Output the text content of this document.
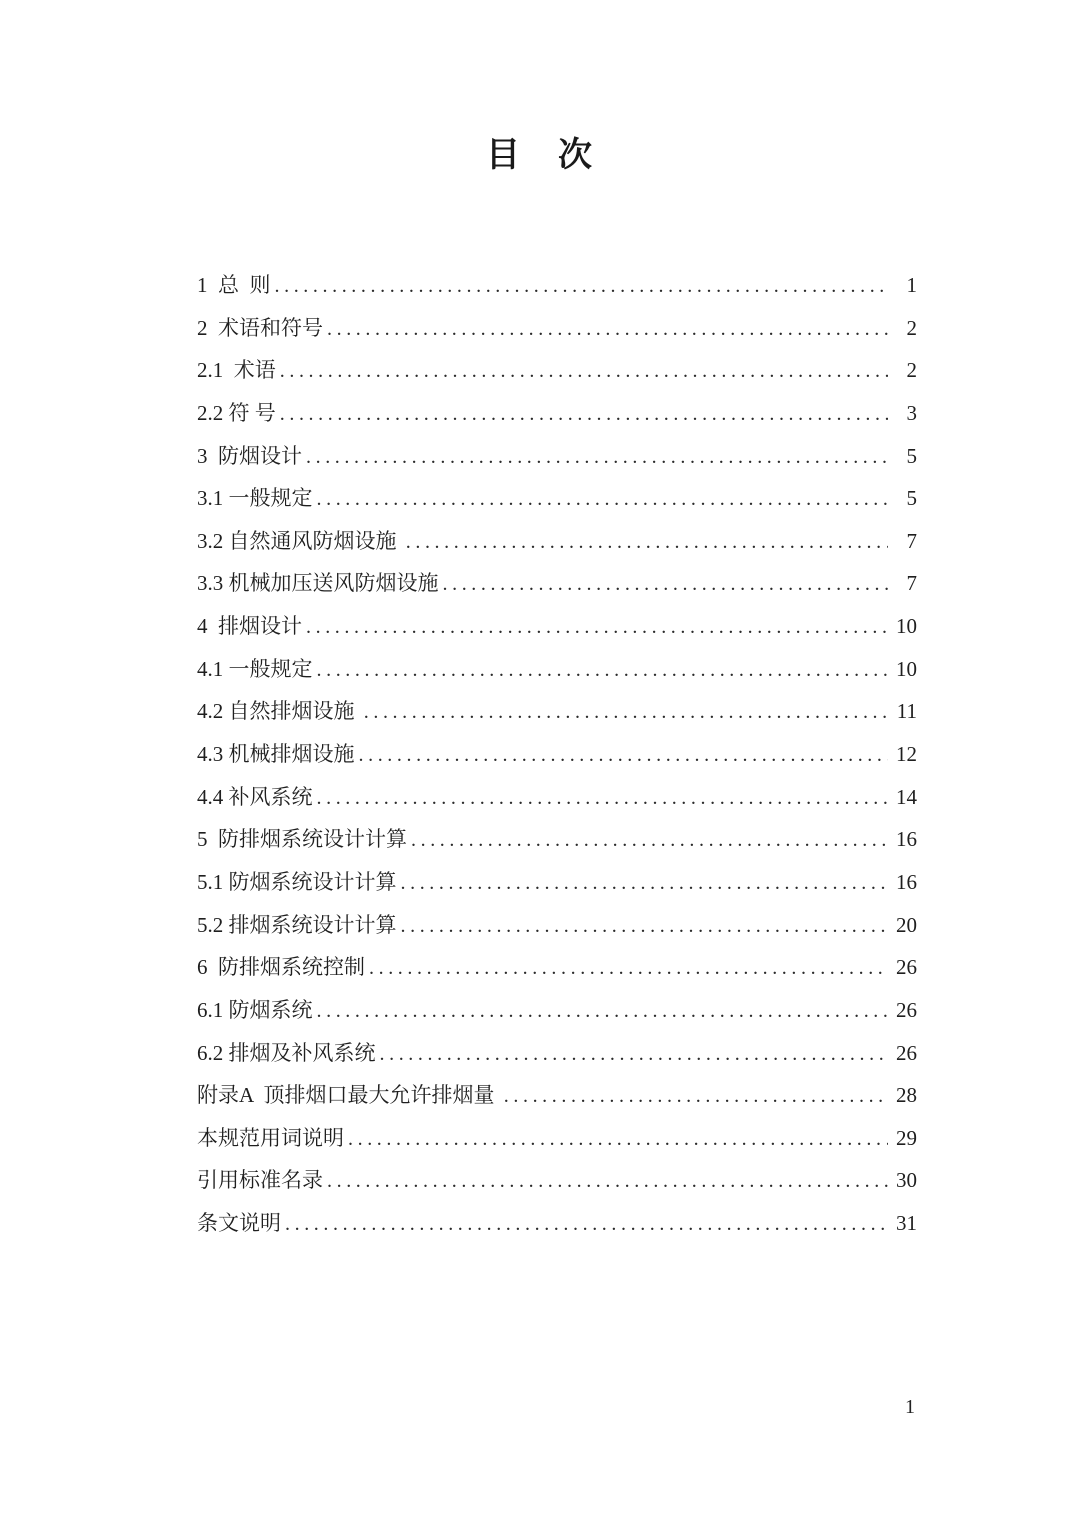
目　次
1  总  则 .....	1
2  术语和符号 .....	2
2.1  术语 .....	2
2.2 符 号 .....	3
3  防烟设计 .....	5
3.1 一般规定 .....	5
3.2 自然通风防烟设施 .....	7
3.3 机械加压送风防烟设施 .....	7
4  排烟设计 .....	10
4.1 一般规定 .....	10
4.2 自然排烟设施 .....	11
4.3 机械排烟设施 .....	12
4.4 补风系统 .....	14
5  防排烟系统设计计算 .....	16
5.1 防烟系统设计计算 .....	16
5.2 排烟系统设计计算 .....	20
6  防排烟系统控制 .....	26
6.1 防烟系统 .....	26
6.2 排烟及补风系统 .....	26
附录A  顶排烟口最大允许排烟量 .....	28
本规范用词说明 .....	29
引用标准名录 .....	30
条文说明 .....	31
1
